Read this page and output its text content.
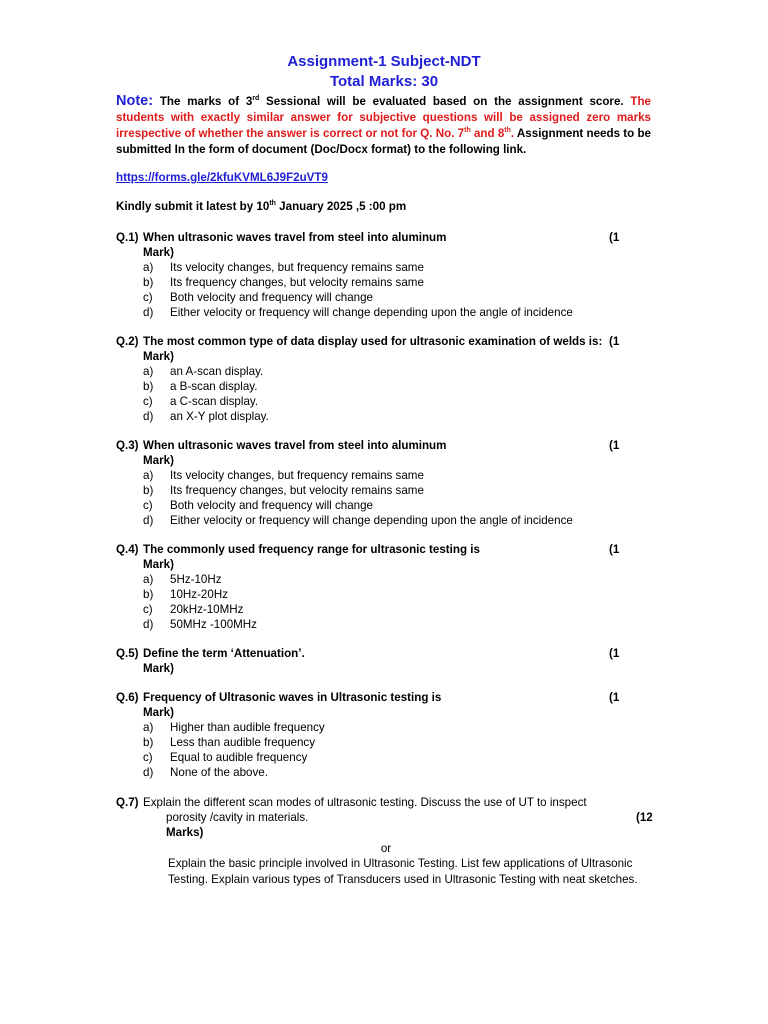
Assignment-1 Subject-NDT
Total Marks: 30
Note: The marks of 3rd Sessional will be evaluated based on the assignment score. The students with exactly similar answer for subjective questions will be assigned zero marks irrespective of whether the answer is correct or not for Q. No. 7th and 8th. Assignment needs to be submitted In the form of document (Doc/Docx format) to the following link.
https://forms.gle/2kfuKVML6J9F2uVT9
Kindly submit it latest by 10th January 2025 ,5 :00 pm
Q.1) When ultrasonic waves travel from steel into aluminum	(1
Mark)
a) Its velocity changes, but frequency remains same
b) Its frequency changes, but velocity remains same
c) Both velocity and frequency will change
d) Either velocity or frequency will change depending upon the angle of incidence
Q.2) The most common type of data display used for ultrasonic examination of welds is: (1
Mark)
a) an A-scan display.
b) a B-scan display.
c) a C-scan display.
d) an X-Y plot display.
Q.3) When ultrasonic waves travel from steel into aluminum	(1
Mark)
a) Its velocity changes, but frequency remains same
b) Its frequency changes, but velocity remains same
c) Both velocity and frequency will change
d) Either velocity or frequency will change depending upon the angle of incidence
Q.4) The commonly used frequency range for ultrasonic testing is	(1
Mark)
a) 5Hz-10Hz
b) 10Hz-20Hz
c) 20kHz-10MHz
d) 50MHz -100MHz
Q.5) Define the term ‘Attenuation’.	(1
Mark)
Q.6) Frequency of Ultrasonic waves in Ultrasonic testing is	(1
Mark)
a) Higher than audible frequency
b) Less than audible frequency
c) Equal to audible frequency
d) None of the above.
Q.7) Explain the different scan modes of ultrasonic testing. Discuss the use of UT to inspect
porosity /cavity in materials.	(12
Marks)
or
Explain the basic principle involved in Ultrasonic Testing. List few applications of Ultrasonic Testing. Explain various types of Transducers used in Ultrasonic Testing with neat sketches.
